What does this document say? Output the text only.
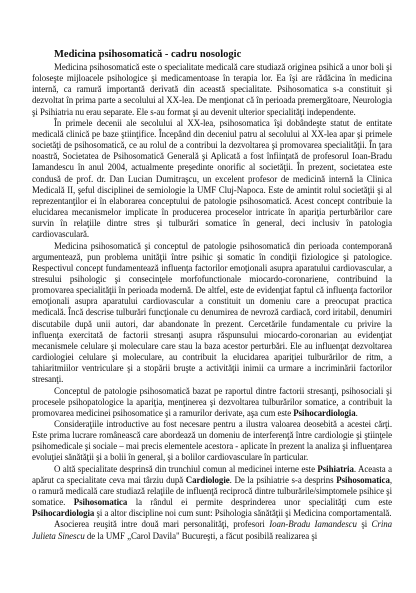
Medicina psihosomatică - cadru nosologic

Medicina psihosomatică este o specialitate medicală care studiază originea psihică a unor boli şi foloseşte mijloacele psihologice şi medicamentoase în terapia lor. Ea îşi are rădăcina în medicina internă, ca ramură importantă derivată din această specialitate. Psihosomatica s-a constituit şi dezvoltat în prima parte a secolului al XX-lea. De menţionat că în perioada premergătoare, Neurologia şi Psihiatria nu erau separate. Ele s-au format şi au devenit ulterior specialităţi independente.

În primele decenii ale secolului al XX-lea, psihosomatica îşi dobândeşte statut de entitate medicală clinică pe baze ştiinţifice. Începând din deceniul patru al secolului al XX-lea apar şi primele societăţi de psihosomatică, ce au rolul de a contribui la dezvoltarea şi promovarea specialităţii. În ţara noastră, Societatea de Psihosomatică Generală şi Aplicată a fost înfiinţată de profesorul Ioan-Bradu Iamandescu în anul 2004, actualmente preşedinte onorific al societăţii. În prezent, societatea este condusă de prof. dr. Dan Lucian Dumitraşcu, un excelent profesor de medicină internă la Clinica Medicală II, şeful disciplinei de semiologie la UMF Cluj-Napoca. Este de amintit rolul societăţii şi al reprezentanţilor ei în elaborarea conceptului de patologie psihosomatică. Acest concept contribuie la elucidarea mecanismelor implicate în producerea proceselor intricate în apariţia perturbărilor care survin în relaţiile dintre stres şi tulburări somatice în general, deci inclusiv în patologia cardiovasculară.

Medicina psihosomatică şi conceptul de patologie psihosomatică din perioada contemporană argumentează, pun problema unităţii între psihic şi somatic în condiţii fiziologice şi patologice. Respectivul concept fundamentează influenţa factorilor emoţionali asupra aparatului cardiovascular, a stresului psihologic şi consecinţele morfofunctionale miocardo-coronariene, contribuind la promovarea specialităţii în perioada modernă. De altfel, este de evidenţiat faptul că influenţa factorilor emoţionali asupra aparatului cardiovascular a constituit un domeniu care a preocupat practica medicală. Încă descrise tulburări funcţionale cu denumirea de nevroză cardiacă, cord iritabil, denumiri discutabile după unii autori, dar abandonate în prezent. Cercetările fundamentale cu privire la influenţa exercitată de factorii stresanţi asupra răspunsului miocardo-coronarian au evidenţiat mecanismele celulare şi moleculare care stau la baza acestor perturbări. Ele au influenţat dezvoltarea cardiologiei celulare şi moleculare, au contribuit la elucidarea apariţiei tulburărilor de ritm, a tahiaritmiilor ventriculare şi a stopării bruşte a activităţii inimii ca urmare a incriminării factorilor stresanţi.

Conceptul de patologie psihosomatică bazat pe raportul dintre factorii stresanţi, psihosociali şi procesele psihopatologice la apariţia, menţinerea şi dezvoltarea tulburărilor somatice, a contribuit la promovarea medicinei psihosomatice şi a ramurilor derivate, aşa cum este Psihocardiologia.

Consideraţiile introductive au fost necesare pentru a ilustra valoarea deosebită a acestei cărţi. Este prima lucrare românească care abordează un domeniu de interferenţă între cardiologie şi ştiinţele psihomedicale şi sociale – mai precis elementele acestora - aplicate în prezent la analiza şi influenţarea evoluţiei sănătăţii şi a bolii în general, şi a bolilor cardiovasculare în particular.

O altă specialitate desprinsă din trunchiul comun al medicinei interne este Psihiatria. Aceasta a apărut ca specialitate ceva mai târziu după Cardiologie. De la psihiatrie s-a desprins Psihosomatica, o ramură medicală care studiază relaţiile de influenţă reciprocă dintre tulburările/simptomele psihice şi somatice. Psihosomatica la rândul ei permite desprinderea unor specialităţi cum este Psihocardiologia şi a altor discipline noi cum sunt: Psihologia sănătăţii şi Medicina comportamentală.

Asocierea reuşită intre două mari personalităţi, profesori Ioan-Bradu Iamandescu şi Crina Julieta Sinescu de la UMF „Carol Davila" Bucureşti, a făcut posibilă realizarea şi
